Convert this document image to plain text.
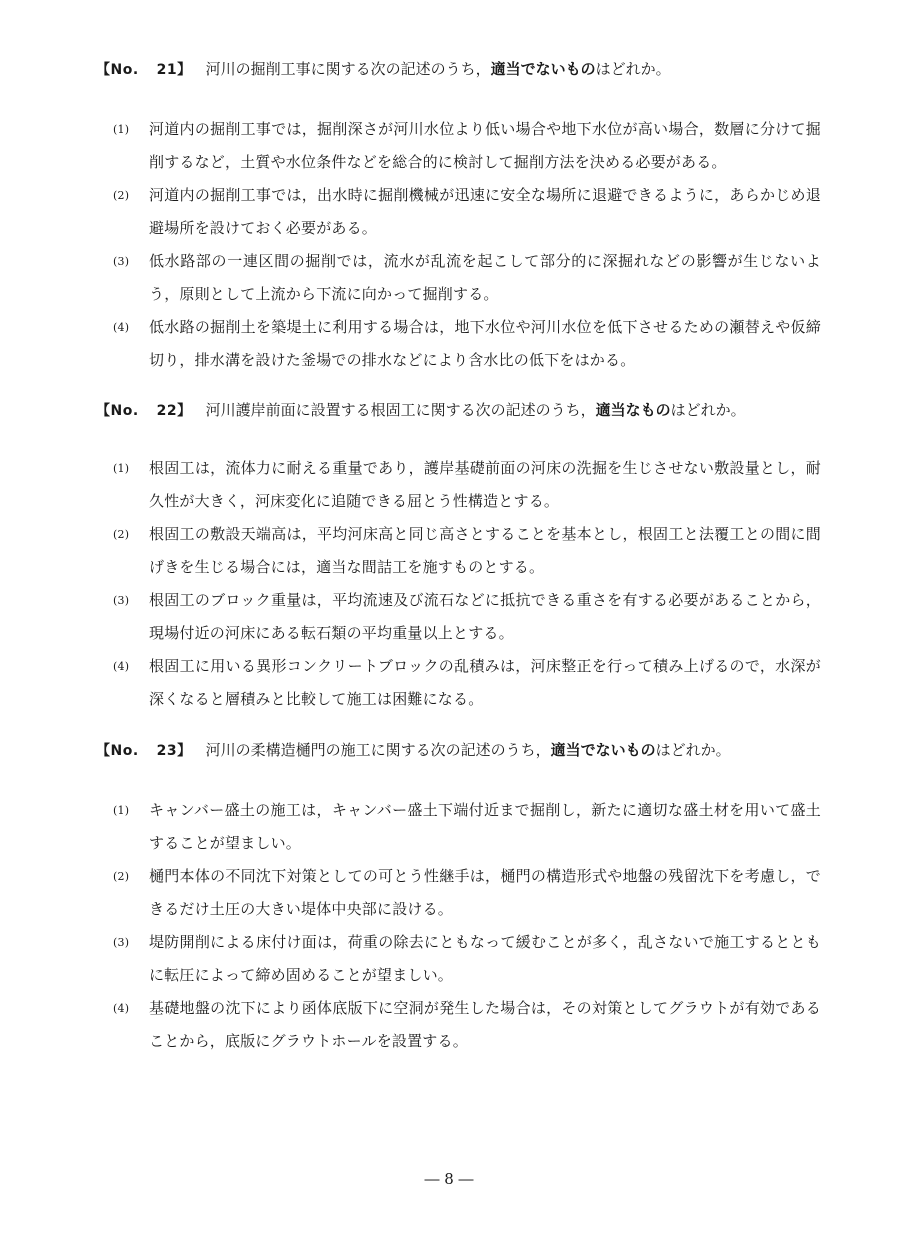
【No. 21】 河川の掘削工事に関する次の記述のうち，適当でないものはどれか。
(1) 河道内の掘削工事では，掘削深さが河川水位より低い場合や地下水位が高い場合，数層に分けて掘削するなど，土質や水位条件などを総合的に検討して掘削方法を決める必要がある。
(2) 河道内の掘削工事では，出水時に掘削機械が迅速に安全な場所に退避できるように，あらかじめ退避場所を設けておく必要がある。
(3) 低水路部の一連区間の掘削では，流水が乱流を起こして部分的に深掘れなどの影響が生じないよう，原則として上流から下流に向かって掘削する。
(4) 低水路の掘削土を築堤土に利用する場合は，地下水位や河川水位を低下させるための瀬替えや仮締切り，排水溝を設けた釜場での排水などにより含水比の低下をはかる。
【No. 22】 河川護岸前面に設置する根固工に関する次の記述のうち，適当なものはどれか。
(1) 根固工は，流体力に耐える重量であり，護岸基礎前面の河床の洗掘を生じさせない敷設量とし，耐久性が大きく，河床変化に追随できる屈とう性構造とする。
(2) 根固工の敷設天端高は，平均河床高と同じ高さとすることを基本とし，根固工と法覆工との間に間げきを生じる場合には，適当な間詰工を施すものとする。
(3) 根固工のブロック重量は，平均流速及び流石などに抵抗できる重さを有する必要があることから，現場付近の河床にある転石類の平均重量以上とする。
(4) 根固工に用いる異形コンクリートブロックの乱積みは，河床整正を行って積み上げるので，水深が深くなると層積みと比較して施工は困難になる。
【No. 23】 河川の柔構造樋門の施工に関する次の記述のうち，適当でないものはどれか。
(1) キャンバー盛土の施工は，キャンバー盛土下端付近まで掘削し，新たに適切な盛土材を用いて盛土することが望ましい。
(2) 樋門本体の不同沈下対策としての可とう性継手は，樋門の構造形式や地盤の残留沈下を考慮し，できるだけ土圧の大きい堤体中央部に設ける。
(3) 堤防開削による床付け面は，荷重の除去にともなって緩むことが多く，乱さないで施工するとともに転圧によって締め固めることが望ましい。
(4) 基礎地盤の沈下により函体底版下に空洞が発生した場合は，その対策としてグラウトが有効であることから，底版にグラウトホールを設置する。
― 8 ―
